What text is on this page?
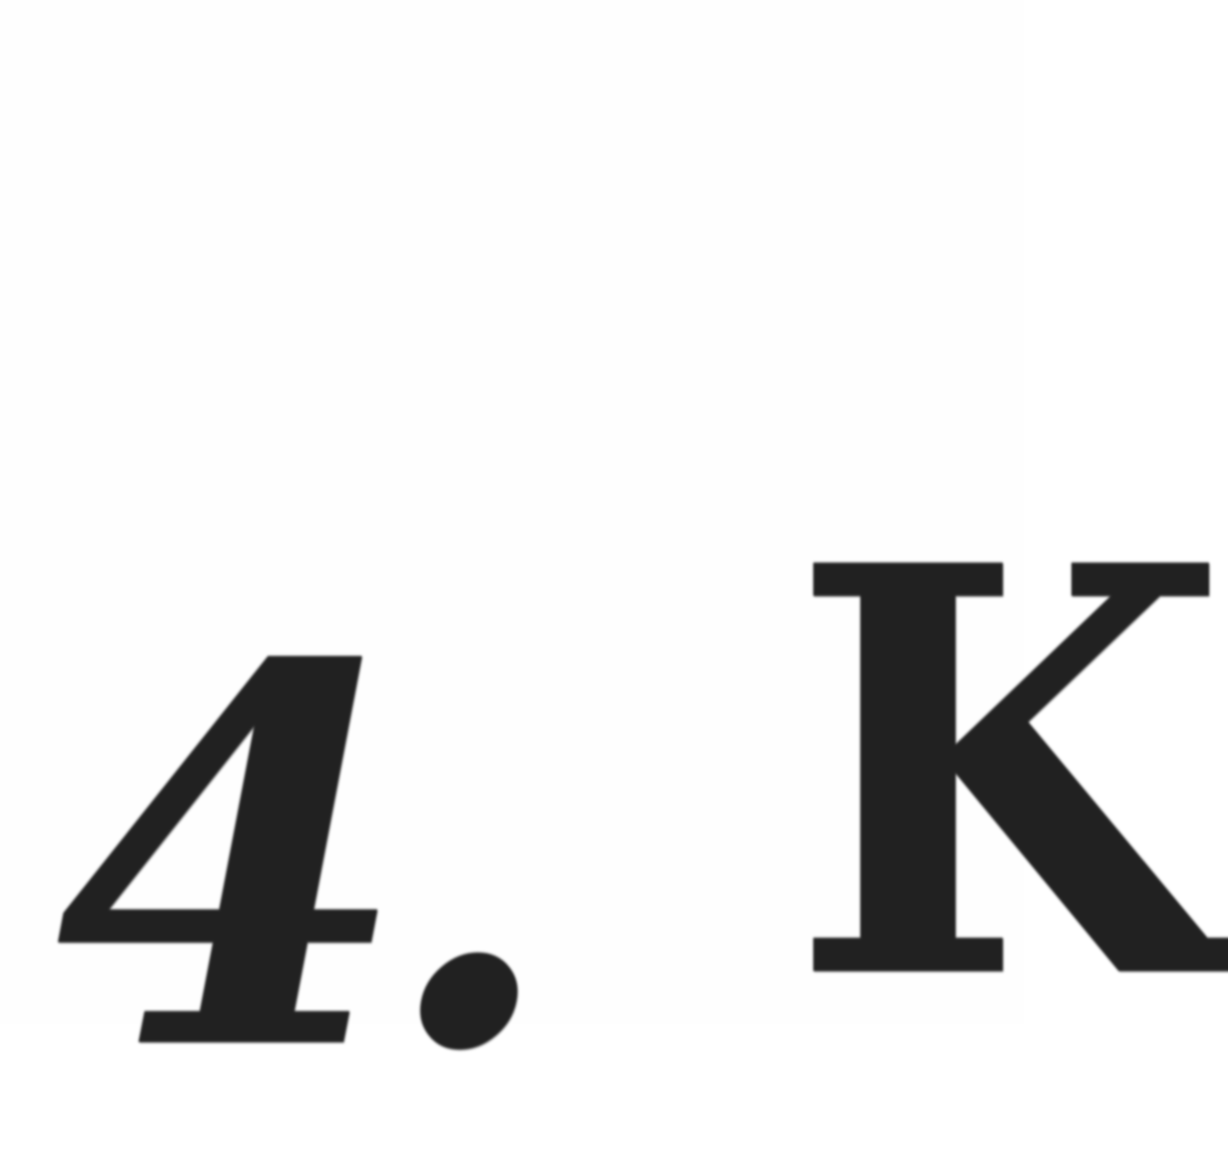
4. K
